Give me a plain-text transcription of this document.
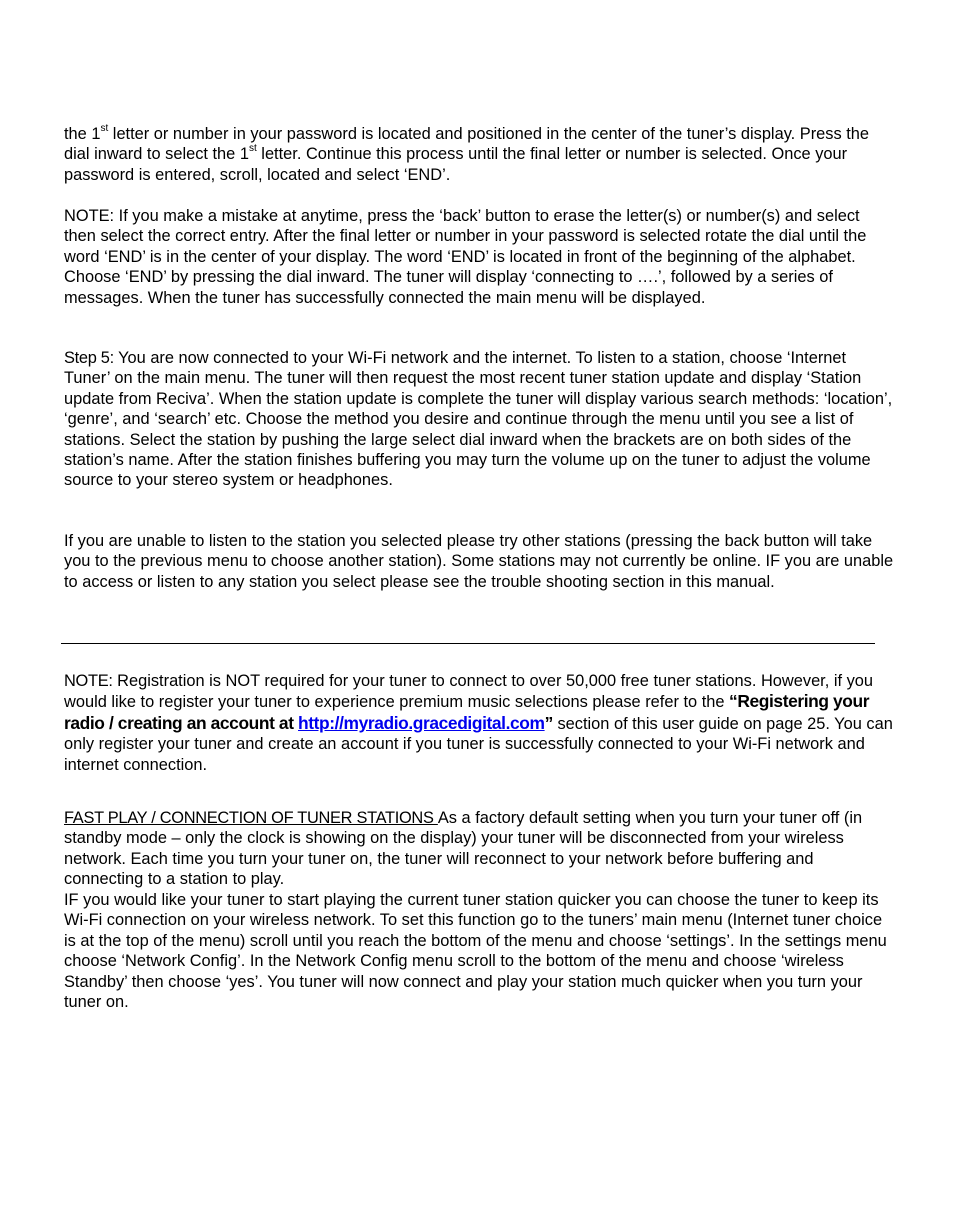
the 1st letter or number in your password is located and positioned in the center of the tuner’s display. Press the dial inward to select the 1st letter. Continue this process until the final letter or number is selected. Once your password is entered, scroll, located and select ‘END’.

NOTE: If you make a mistake at anytime, press the ‘back’ button to erase the letter(s) or number(s) and select then select the correct entry. After the final letter or number in your password is selected rotate the dial until the word ‘END’ is in the center of your display. The word ‘END’ is located in front of the beginning of the alphabet. Choose ‘END’ by pressing the dial inward. The tuner will display ‘connecting to ….’, followed by a series of messages. When the tuner has successfully connected the main menu will be displayed.

Step 5: You are now connected to your Wi-Fi network and the internet. To listen to a station, choose ‘Internet Tuner’ on the main menu. The tuner will then request the most recent tuner station update and display ‘Station update from Reciva’. When the station update is complete the tuner will display various search methods: ‘location’, ‘genre’, and ‘search’ etc. Choose the method you desire and continue through the menu until you see a list of stations. Select the station by pushing the large select dial inward when the brackets are on both sides of the station’s name. After the station finishes buffering you may turn the volume up on the tuner to adjust the volume source to your stereo system or headphones.

If you are unable to listen to the station you selected please try other stations (pressing the back button will take you to the previous menu to choose another station). Some stations may not currently be online. IF you are unable to access or listen to any station you select please see the trouble shooting section in this manual.

NOTE: Registration is NOT required for your tuner to connect to over 50,000 free tuner stations. However, if you would like to register your tuner to experience premium music selections please refer to the “Registering your radio / creating an account at http://myradio.gracedigital.com” section of this user guide on page 25. You can only register your tuner and create an account if you tuner is successfully connected to your Wi-Fi network and internet connection.

FAST PLAY / CONNECTION OF TUNER STATIONS As a factory default setting when you turn your tuner off (in standby mode – only the clock is showing on the display) your tuner will be disconnected from your wireless network. Each time you turn your tuner on, the tuner will reconnect to your network before buffering and connecting to a station to play.

IF you would like your tuner to start playing the current tuner station quicker you can choose the tuner to keep its Wi-Fi connection on your wireless network. To set this function go to the tuners’ main menu (Internet tuner choice is at the top of the menu) scroll until you reach the bottom of the menu and choose ‘settings’. In the settings menu choose ‘Network Config’. In the Network Config menu scroll to the bottom of the menu and choose ‘wireless Standby’ then choose ‘yes’. You tuner will now connect and play your station much quicker when you turn your tuner on.
